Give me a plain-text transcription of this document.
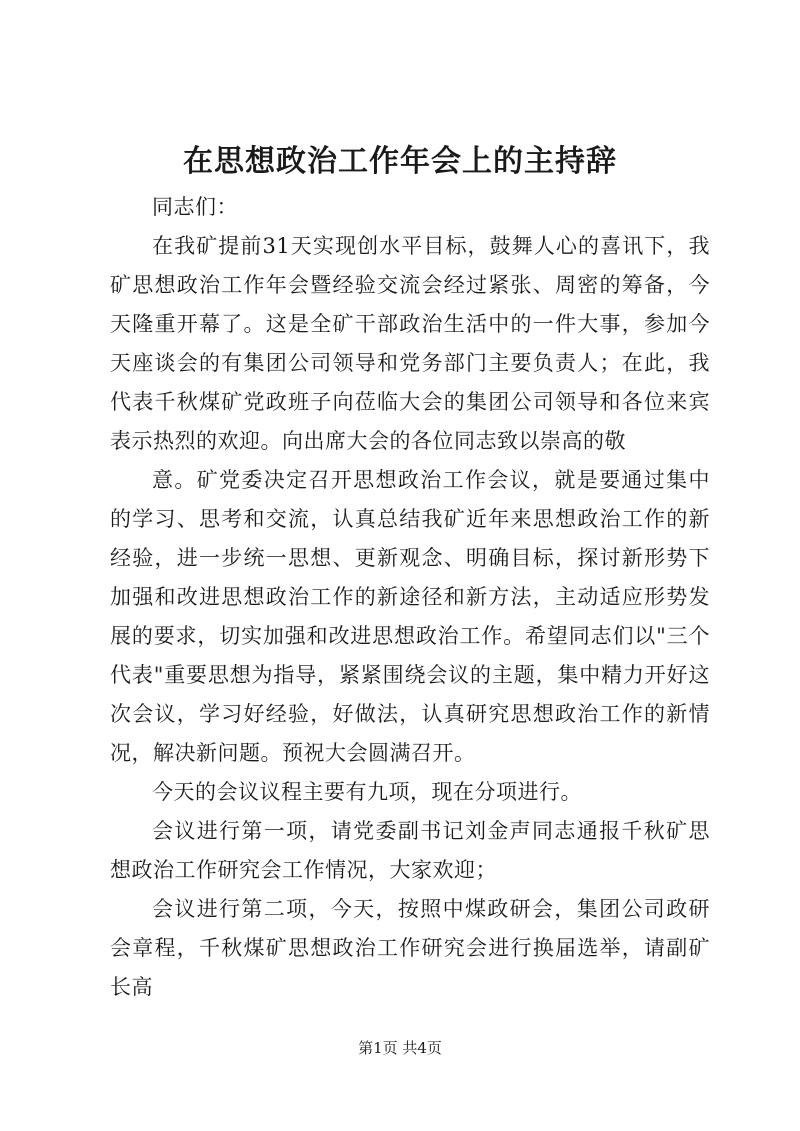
在思想政治工作年会上的主持辞

同志们：

在我矿提前31天实现创水平目标，鼓舞人心的喜讯下，我矿思想政治工作年会暨经验交流会经过紧张、周密的筹备，今天隆重开幕了。这是全矿干部政治生活中的一件大事，参加今天座谈会的有集团公司领导和党务部门主要负责人；在此，我代表千秋煤矿党政班子向莅临大会的集团公司领导和各位来宾表示热烈的欢迎。向出席大会的各位同志致以崇高的敬

意。矿党委决定召开思想政治工作会议，就是要通过集中的学习、思考和交流，认真总结我矿近年来思想政治工作的新经验，进一步统一思想、更新观念、明确目标，探讨新形势下加强和改进思想政治工作的新途径和新方法，主动适应形势发展的要求，切实加强和改进思想政治工作。希望同志们以"三个代表"重要思想为指导，紧紧围绕会议的主题，集中精力开好这次会议，学习好经验，好做法，认真研究思想政治工作的新情况，解决新问题。预祝大会圆满召开。

今天的会议议程主要有九项，现在分项进行。

会议进行第一项，请党委副书记刘金声同志通报千秋矿思想政治工作研究会工作情况，大家欢迎；

会议进行第二项，今天，按照中煤政研会，集团公司政研会章程，千秋煤矿思想政治工作研究会进行换届选举，请副矿长高

第1页 共4页
